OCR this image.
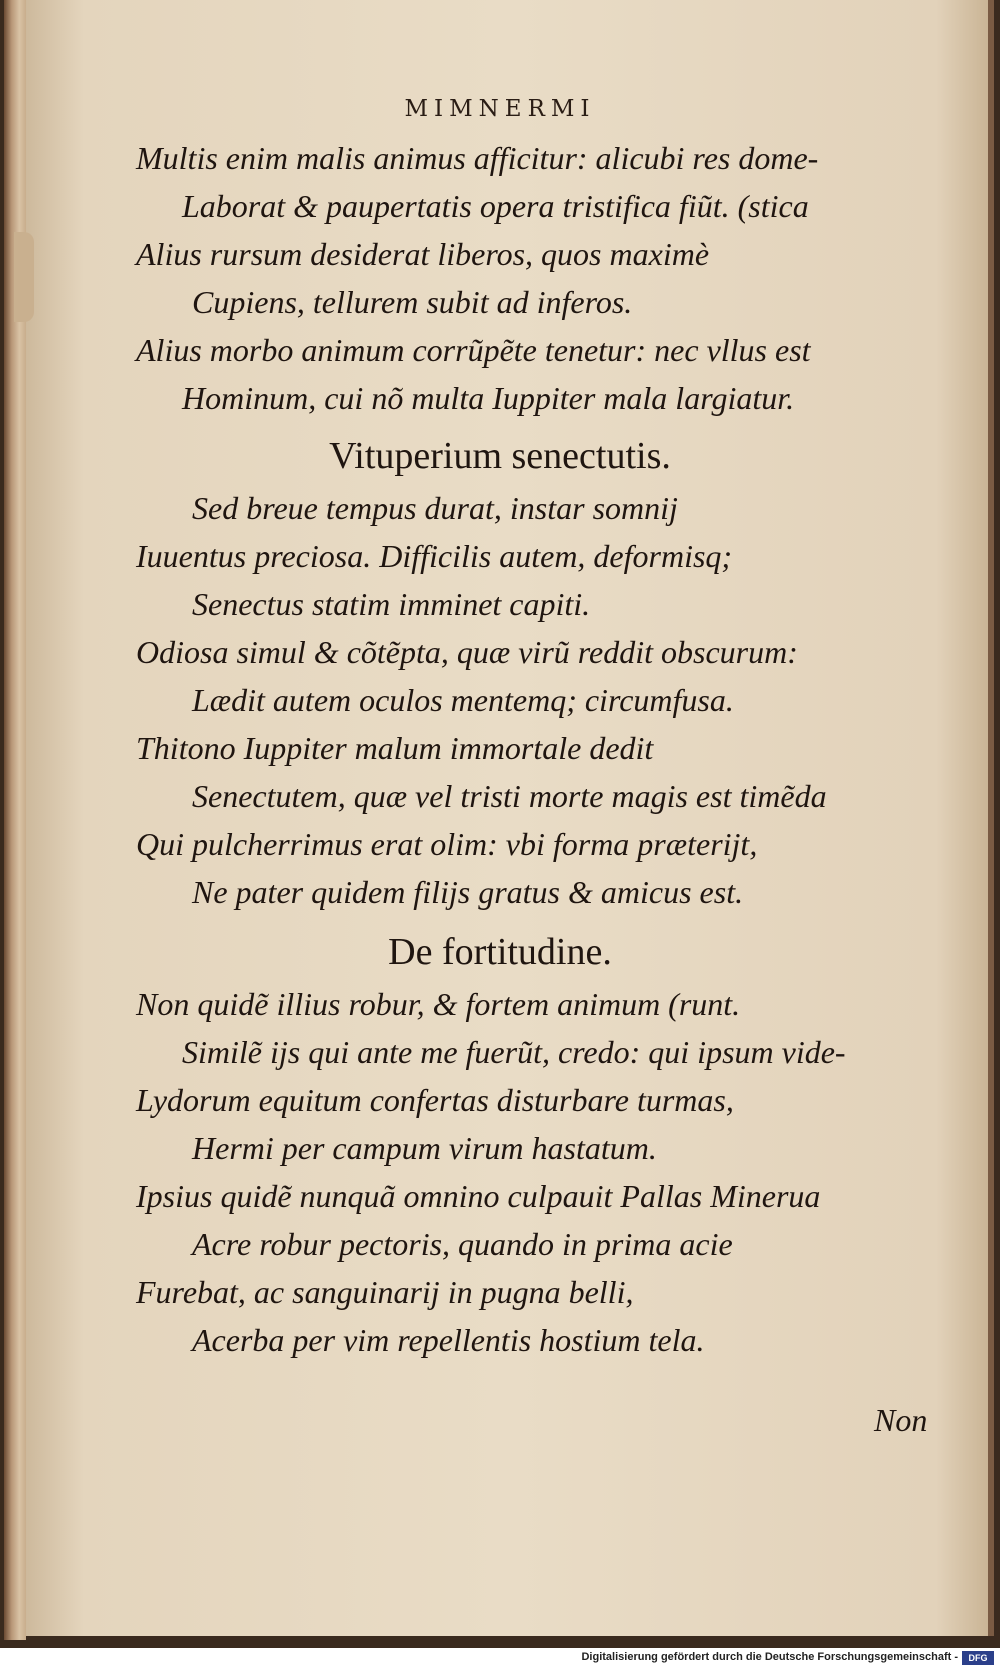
MIMNERMI
Multis enim malis animus afficitur: alicubi res dome-
Laborat & paupertatis opera tristifica fiũt. (stica
Alius rursum desiderat liberos, quos maximè
Cupiens, tellurem subit ad inferos.
Alius morbo animum corrũpẽte tenetur: nec vllus est
Hominum, cui nõ multa Iuppiter mala largiatur.
Vituperium senectutis.
Sed breue tempus durat, instar somnij
Iuuentus preciosa. Difficilis autem, deformisq;
Senectus statim imminet capiti.
Odiosa simul & cõtẽpta, quæ virũ reddit obscurum:
Lædit autem oculos mentemq; circumfusa.
Thitono Iuppiter malum immortale dedit
Senectutem, quæ vel tristi morte magis est timẽda
Qui pulcherrimus erat olim: vbi forma præterijt,
Ne pater quidem filijs gratus & amicus est.
De fortitudine.
Non quidẽ illius robur, & fortem animum (runt.
Similẽ ijs qui ante me fuerũt, credo: qui ipsum vide-
Lydorum equitum confertas disturbare turmas,
Hermi per campum virum hastatum.
Ipsius quidẽ nunquã omnino culpauit Pallas Minerua
Acre robur pectoris, quando in prima acie
Furebat, ac sanguinarij in pugna belli,
Acerba per vim repellentis hostium tela.
Non
Digitalisierung gefördert durch die Deutsche Forschungsgemeinschaft -	DFG
